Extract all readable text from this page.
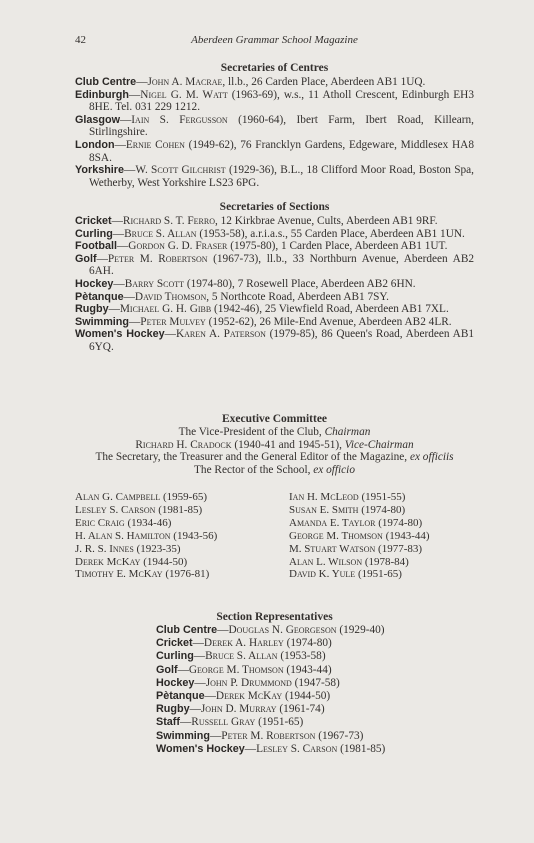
42	Aberdeen Grammar School Magazine
Secretaries of Centres

Club Centre—John A. Macrae, ll.b., 26 Carden Place, Aberdeen AB1 1UQ.

Edinburgh—Nigel G. M. Watt (1963-69), w.s., 11 Atholl Crescent, Edinburgh EH3 8HE. Tel. 031 229 1212.

Glasgow—Iain S. Fergusson (1960-64), Ibert Farm, Ibert Road, Killearn, Stirlingshire.

London—Ernie Cohen (1949-62), 76 Francklyn Gardens, Edgeware, Middlesex HA8 8SA.

Yorkshire—W. Scott Gilchrist (1929-36), B.L., 18 Clifford Moor Road, Boston Spa, Wetherby, West Yorkshire LS23 6PG.

Secretaries of Sections

Cricket—Richard S. T. Ferro, 12 Kirkbrae Avenue, Cults, Aberdeen AB1 9RF.

Curling—Bruce S. Allan (1953-58), a.r.i.a.s., 55 Carden Place, Aberdeen AB1 1UN.

Football—Gordon G. D. Fraser (1975-80), 1 Carden Place, Aberdeen AB1 1UT.

Golf—Peter M. Robertson (1967-73), ll.b., 33 Northburn Avenue, Aberdeen AB2 6AH.

Hockey—Barry Scott (1974-80), 7 Rosewell Place, Aberdeen AB2 6HN.

Pètanque—David Thomson, 5 Northcote Road, Aberdeen AB1 7SY.

Rugby—Michael G. H. Gibb (1942-46), 25 Viewfield Road, Aberdeen AB1 7XL.

Swimming—Peter Mulvey (1952-62), 26 Mile-End Avenue, Aberdeen AB2 4LR.

Women's Hockey—Karen A. Paterson (1979-85), 86 Queen's Road, Aberdeen AB1 6YQ.

Executive Committee
The Vice-President of the Club, Chairman
Richard H. Cradock (1940-41 and 1945-51), Vice-Chairman
The Secretary, the Treasurer and the General Editor of the Magazine, ex officiis
The Rector of the School, ex officio
Alan G. Campbell (1959-65)
Lesley S. Carson (1981-85)
Eric Craig (1934-46)
H. Alan S. Hamilton (1943-56)
J. R. S. Innes (1923-35)
Derek McKay (1944-50)
Timothy E. McKay (1976-81)
Ian H. McLeod (1951-55)
Susan E. Smith (1974-80)
Amanda E. Taylor (1974-80)
George M. Thomson (1943-44)
M. Stuart Watson (1977-83)
Alan L. Wilson (1978-84)
David K. Yule (1951-65)
Section Representatives
Club Centre—Douglas N. Georgeson (1929-40)
Cricket—Derek A. Harley (1974-80)
Curling—Bruce S. Allan (1953-58)
Golf—George M. Thomson (1943-44)
Hockey—John P. Drummond (1947-58)
Pètanque—Derek McKay (1944-50)
Rugby—John D. Murray (1961-74)
Staff—Russell Gray (1951-65)
Swimming—Peter M. Robertson (1967-73)
Women's Hockey—Lesley S. Carson (1981-85)
